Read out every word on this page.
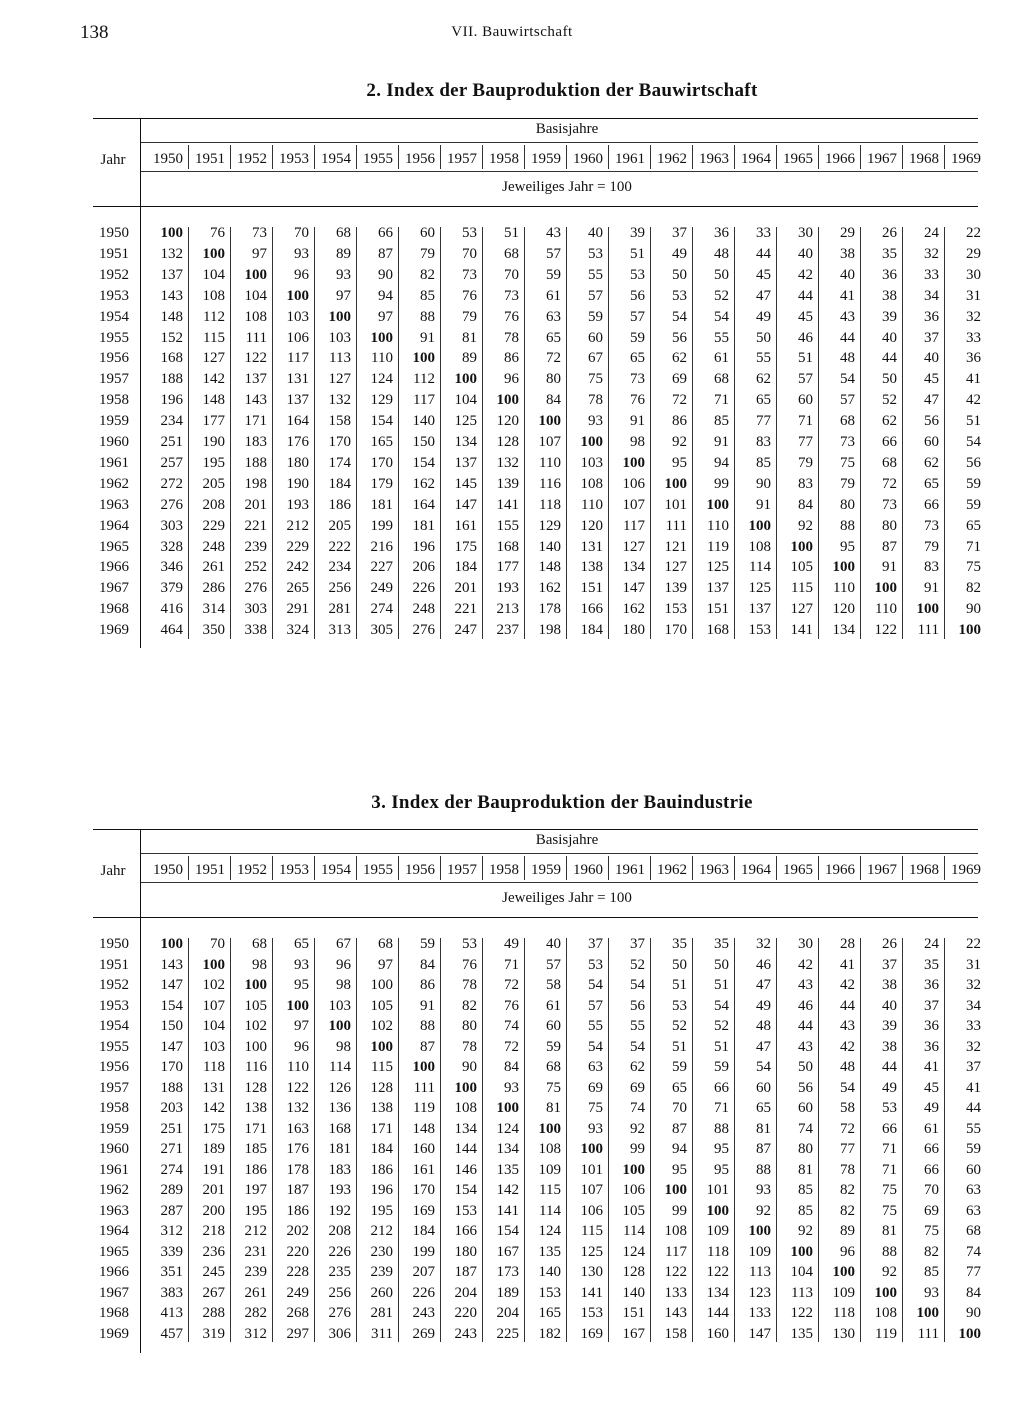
138	VII. Bauwirtschaft
2. Index der Bauproduktion der Bauwirtschaft
Basisjahre
Jahr	1950 1951 1952 1953 1954 1955 1956 1957 1958 1959 1960 1961 1962 1963 1964 1965 1966 1967 1968 1969
Jeweiliges Jahr = 100
1950	100	76	73	70	68	66	60	53	51	43	40	39	37	36	33	30	29	26	24	22
1951	132	100	97	93	89	87	79	70	68	57	53	51	49	48	44	40	38	35	32	29
1952	137	104	100	96	93	90	82	73	70	59	55	53	50	50	45	42	40	36	33	30
1953	143	108	104	100	97	94	85	76	73	61	57	56	53	52	47	44	41	38	34	31
1954	148	112	108	103	100	97	88	79	76	63	59	57	54	54	49	45	43	39	36	32
1955	152	115	111	106	103	100	91	81	78	65	60	59	56	55	50	46	44	40	37	33
1956	168	127	122	117	113	110	100	89	86	72	67	65	62	61	55	51	48	44	40	36
1957	188	142	137	131	127	124	112	100	96	80	75	73	69	68	62	57	54	50	45	41
1958	196	148	143	137	132	129	117	104	100	84	78	76	72	71	65	60	57	52	47	42
1959	234	177	171	164	158	154	140	125	120	100	93	91	86	85	77	71	68	62	56	51
1960	251	190	183	176	170	165	150	134	128	107	100	98	92	91	83	77	73	66	60	54
1961	257	195	188	180	174	170	154	137	132	110	103	100	95	94	85	79	75	68	62	56
1962	272	205	198	190	184	179	162	145	139	116	108	106	100	99	90	83	79	72	65	59
1963	276	208	201	193	186	181	164	147	141	118	110	107	101	100	91	84	80	73	66	59
1964	303	229	221	212	205	199	181	161	155	129	120	117	111	110	100	92	88	80	73	65
1965	328	248	239	229	222	216	196	175	168	140	131	127	121	119	108	100	95	87	79	71
1966	346	261	252	242	234	227	206	184	177	148	138	134	127	125	114	105	100	91	83	75
1967	379	286	276	265	256	249	226	201	193	162	151	147	139	137	125	115	110	100	91	82
1968	416	314	303	291	281	274	248	221	213	178	166	162	153	151	137	127	120	110	100	90
1969	464	350	338	324	313	305	276	247	237	198	184	180	170	168	153	141	134	122	111	100
3. Index der Bauproduktion der Bauindustrie
Basisjahre
Jahr	1950 1951 1952 1953 1954 1955 1956 1957 1958 1959 1960 1961 1962 1963 1964 1965 1966 1967 1968 1969
Jeweiliges Jahr = 100
1950	100	70	68	65	67	68	59	53	49	40	37	37	35	35	32	30	28	26	24	22
1951	143	100	98	93	96	97	84	76	71	57	53	52	50	50	46	42	41	37	35	31
1952	147	102	100	95	98	100	86	78	72	58	54	54	51	51	47	43	42	38	36	32
1953	154	107	105	100	103	105	91	82	76	61	57	56	53	54	49	46	44	40	37	34
1954	150	104	102	97	100	102	88	80	74	60	55	55	52	52	48	44	43	39	36	33
1955	147	103	100	96	98	100	87	78	72	59	54	54	51	51	47	43	42	38	36	32
1956	170	118	116	110	114	115	100	90	84	68	63	62	59	59	54	50	48	44	41	37
1957	188	131	128	122	126	128	111	100	93	75	69	69	65	66	60	56	54	49	45	41
1958	203	142	138	132	136	138	119	108	100	81	75	74	70	71	65	60	58	53	49	44
1959	251	175	171	163	168	171	148	134	124	100	93	92	87	88	81	74	72	66	61	55
1960	271	189	185	176	181	184	160	144	134	108	100	99	94	95	87	80	77	71	66	59
1961	274	191	186	178	183	186	161	146	135	109	101	100	95	95	88	81	78	71	66	60
1962	289	201	197	187	193	196	170	154	142	115	107	106	100	101	93	85	82	75	70	63
1963	287	200	195	186	192	195	169	153	141	114	106	105	99	100	92	85	82	75	69	63
1964	312	218	212	202	208	212	184	166	154	124	115	114	108	109	100	92	89	81	75	68
1965	339	236	231	220	226	230	199	180	167	135	125	124	117	118	109	100	96	88	82	74
1966	351	245	239	228	235	239	207	187	173	140	130	128	122	122	113	104	100	92	85	77
1967	383	267	261	249	256	260	226	204	189	153	141	140	133	134	123	113	109	100	93	84
1968	413	288	282	268	276	281	243	220	204	165	153	151	143	144	133	122	118	108	100	90
1969	457	319	312	297	306	311	269	243	225	182	169	167	158	160	147	135	130	119	111	100
